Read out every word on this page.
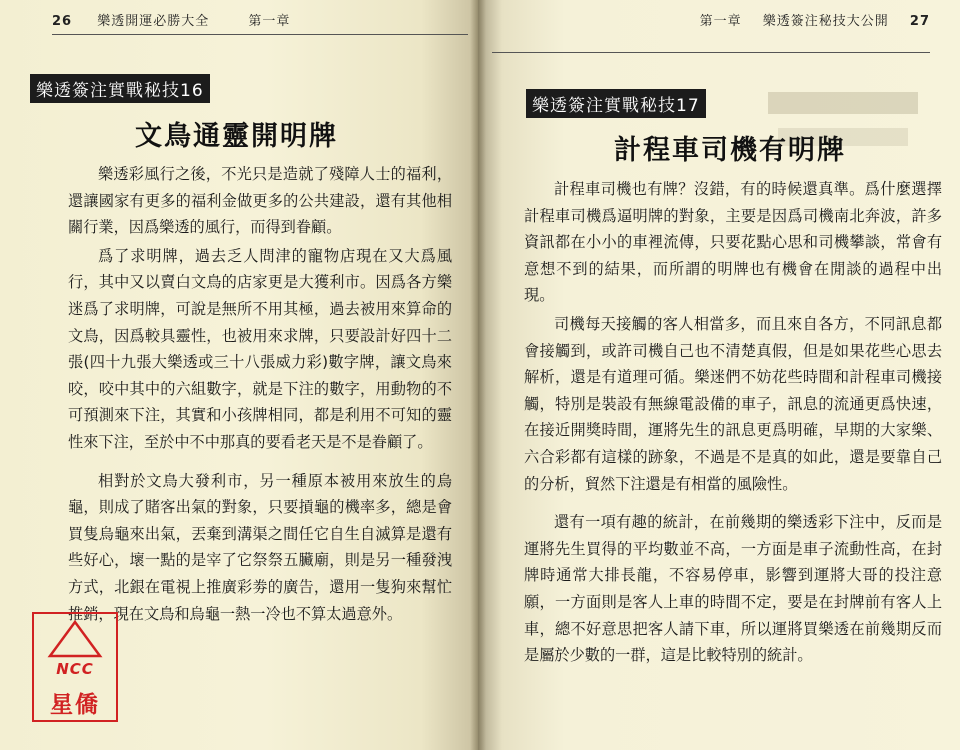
26 樂透開運必勝大全	第一章
樂透簽注實戰秘技16
文鳥通靈開明牌

樂透彩風行之後，不光只是造就了殘障人士的福利，還讓國家有更多的福利金做更多的公共建設，還有其他相關行業，因爲樂透的風行，而得到眷顧。

爲了求明牌，過去乏人問津的寵物店現在又大爲風行，其中又以賣白文鳥的店家更是大獲利市。因爲各方樂迷爲了求明牌，可說是無所不用其極，過去被用來算命的文鳥，因爲較具靈性，也被用來求牌，只要設計好四十二張(四十九張大樂透或三十八張威力彩)數字牌，讓文鳥來咬，咬中其中的六組數字，就是下注的數字，用動物的不可預測來下注，其實和小孩牌相同，都是利用不可知的靈性來下注，至於中不中那真的要看老天是不是眷顧了。

相對於文鳥大發利市，另一種原本被用來放生的烏龜，則成了賭客出氣的對象，只要摃龜的機率多，總是會買隻烏龜來出氣，丟棄到溝渠之間任它自生自滅算是還有些好心，壞一點的是宰了它祭祭五臟廟，則是另一種發洩方式，北銀在電視上推廣彩劵的廣告，還用一隻狗來幫忙推銷，現在文鳥和烏龜一熱一冷也不算太過意外。

NCC
星僑
第一章 樂透簽注秘技大公開 27
樂透簽注實戰秘技17
計程車司機有明牌

計程車司機也有牌？沒錯，有的時候還真準。爲什麼選擇計程車司機爲逼明牌的對象，主要是因爲司機南北奔波，許多資訊都在小小的車裡流傳，只要花點心思和司機攀談，常會有意想不到的結果，而所謂的明牌也有機會在閒談的過程中出現。

司機每天接觸的客人相當多，而且來自各方，不同訊息都會接觸到，或許司機自己也不清楚真假，但是如果花些心思去解析，還是有道理可循。樂迷們不妨花些時間和計程車司機接觸，特別是裝設有無線電設備的車子，訊息的流通更爲快速，在接近開獎時間，運將先生的訊息更爲明確，早期的大家樂、六合彩都有這樣的跡象，不過是不是真的如此，還是要靠自己的分析，貿然下注還是有相當的風險性。

還有一項有趣的統計，在前幾期的樂透彩下注中，反而是運將先生買得的平均數並不高，一方面是車子流動性高，在封牌時通常大排長龍，不容易停車，影響到運將大哥的投注意願，一方面則是客人上車的時間不定，要是在封牌前有客人上車，總不好意思把客人請下車，所以運將買樂透在前幾期反而是屬於少數的一群，這是比較特別的統計。
